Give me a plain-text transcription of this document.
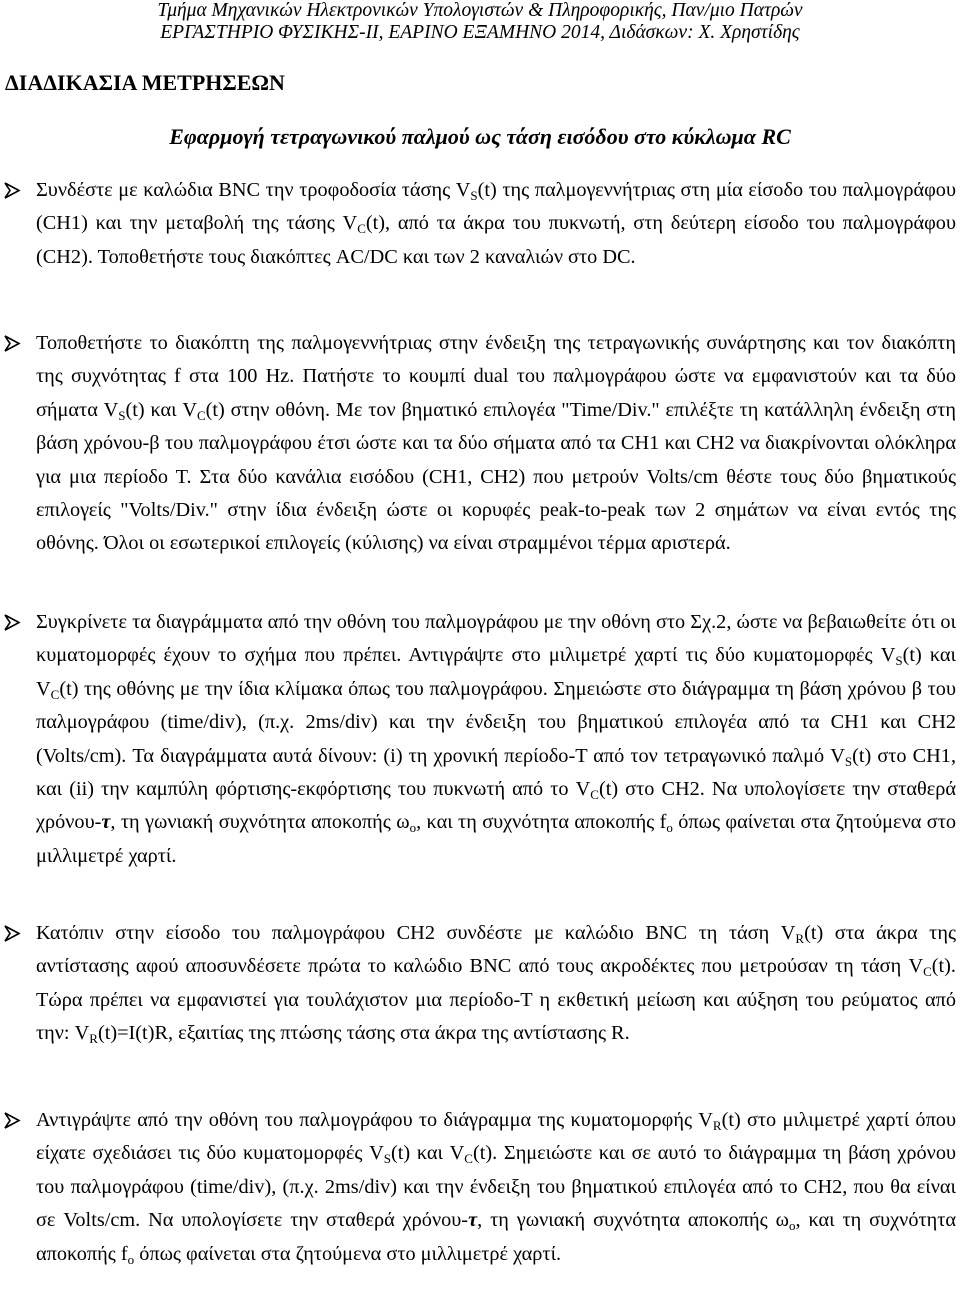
Τμήμα Μηχανικών Ηλεκτρονικών Υπολογιστών & Πληροφορικής, Παν/μιο Πατρών
ΕΡΓΑΣΤΗΡΙΟ ΦΥΣΙΚΗΣ-ΙΙ, ΕΑΡΙΝΟ ΕΞΑΜΗΝΟ 2014, Διδάσκων: Χ. Χρηστίδης
ΔΙΑΔΙΚΑΣΙΑ ΜΕΤΡΗΣΕΩΝ
Εφαρμογή τετραγωνικού παλμού ως τάση εισόδου στο κύκλωμα RC

Συνδέστε με καλώδια BNC την τροφοδοσία τάσης $V_S(t)$ της παλμογεννήτριας στη μία είσοδο του παλμογράφου (CH1) και την μεταβολή της τάσης $V_C(t)$, από τα άκρα του πυκνωτή, στη δεύτερη είσοδο του παλμογράφου (CH2). Τοποθετήστε τους διακόπτες AC/DC και των 2 καναλιών στο DC.

Τοποθετήστε το διακόπτη της παλμογεννήτριας στην ένδειξη της τετραγωνικής συνάρτησης και τον διακόπτη της συχνότητας f στα 100 Hz. Πατήστε το κουμπί dual του παλμογράφου ώστε να εμφανιστούν και τα δύο σήματα $V_S(t)$ και $V_C(t)$ στην οθόνη. Με τον βηματικό επιλογέα "Time/Div." επιλέξτε τη κατάλληλη ένδειξη στη βάση χρόνου-β του παλμογράφου έτσι ώστε και τα δύο σήματα από τα CH1 και CH2 να διακρίνονται ολόκληρα για μια περίοδο Τ. Στα δύο κανάλια εισόδου (CH1, CH2) που μετρούν Volts/cm θέστε τους δύο βηματικούς επιλογείς "Volts/Div." στην ίδια ένδειξη ώστε οι κορυφές peak-to-peak των 2 σημάτων να είναι εντός της οθόνης. Όλοι οι εσωτερικοί επιλογείς (κύλισης) να είναι στραμμένοι τέρμα αριστερά.

Συγκρίνετε τα διαγράμματα από την οθόνη του παλμογράφου με την οθόνη στο Σχ.2, ώστε να βεβαιωθείτε ότι οι κυματομορφές έχουν το σχήμα που πρέπει. Αντιγράψτε στο μιλιμετρέ χαρτί τις δύο κυματομορφές $V_S(t)$ και $V_C(t)$ της οθόνης με την ίδια κλίμακα όπως του παλμογράφου. Σημειώστε στο διάγραμμα τη βάση χρόνου β του παλμογράφου (time/div), (π.χ. 2ms/div) και την ένδειξη του βηματικού επιλογέα από τα CH1 και CH2 (Volts/cm). Τα διαγράμματα αυτά δίνουν: (i) τη χρονική περίοδο-Τ από τον τετραγωνικό παλμό $V_S(t)$ στο CH1, και (ii) την καμπύλη φόρτισης-εκφόρτισης του πυκνωτή από το $V_C(t)$ στο CH2. Να υπολογίσετε την σταθερά χρόνου-τ, τη γωνιακή συχνότητα αποκοπής $\omega_o$, και τη συχνότητα αποκοπής $f_o$ όπως φαίνεται στα ζητούμενα στο μιλλιμετρέ χαρτί.

Κατόπιν στην είσοδο του παλμογράφου CH2 συνδέστε με καλώδιο BNC τη τάση $V_R(t)$ στα άκρα της αντίστασης αφού αποσυνδέσετε πρώτα το καλώδιο BNC από τους ακροδέκτες που μετρούσαν τη τάση $V_C(t)$. Τώρα πρέπει να εμφανιστεί για τουλάχιστον μια περίοδο-Τ η εκθετική μείωση και αύξηση του ρεύματος από την: $V_R(t)=I(t)R$, εξαιτίας της πτώσης τάσης στα άκρα της αντίστασης R.

Αντιγράψτε από την οθόνη του παλμογράφου το διάγραμμα της κυματομορφής $V_R(t)$ στο μιλιμετρέ χαρτί όπου είχατε σχεδιάσει τις δύο κυματομορφές $V_S(t)$ και $V_C(t)$. Σημειώστε και σε αυτό το διάγραμμα τη βάση χρόνου του παλμογράφου (time/div), (π.χ. 2ms/div) και την ένδειξη του βηματικού επιλογέα από το CH2, που θα είναι σε Volts/cm. Να υπολογίσετε την σταθερά χρόνου-τ, τη γωνιακή συχνότητα αποκοπής $\omega_o$, και τη συχνότητα αποκοπής $f_o$ όπως φαίνεται στα ζητούμενα στο μιλλιμετρέ χαρτί.
